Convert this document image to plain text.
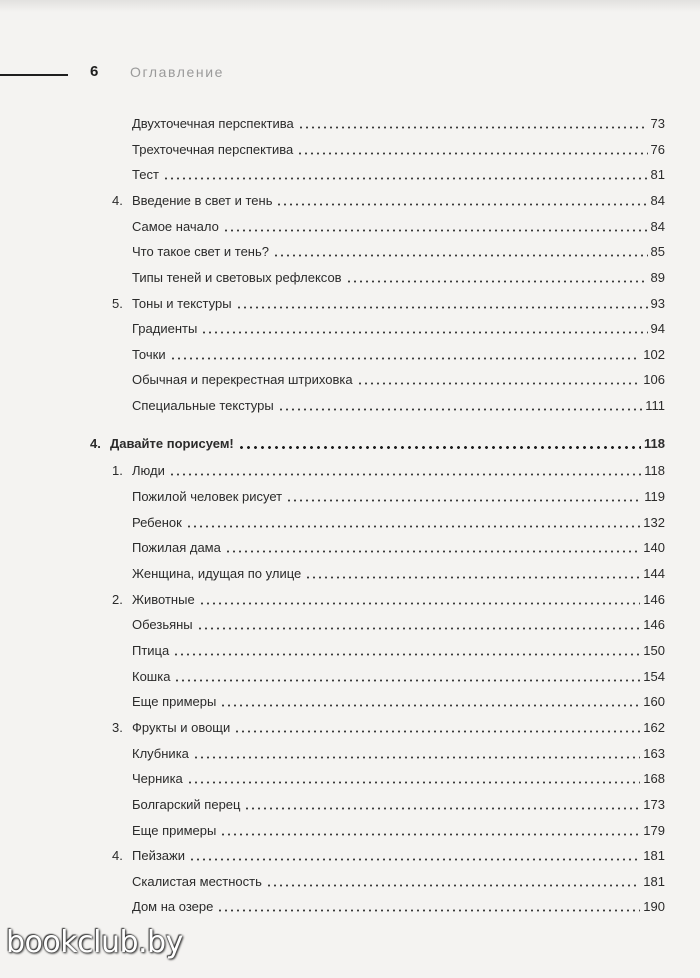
6 Оглавление
Двухточечная перспектива	73
Трехточечная перспектива	76
Тест	81
4. Введение в свет и тень	84
Самое начало	84
Что такое свет и тень?	85
Типы теней и световых рефлексов	89
5. Тоны и текстуры	93
Градиенты	94
Точки	102
Обычная и перекрестная штриховка	106
Специальные текстуры	111
4. Давайте порисуем!	118
1. Люди	118
Пожилой человек рисует	119
Ребенок	132
Пожилая дама	140
Женщина, идущая по улице	144
2. Животные	146
Обезьяны	146
Птица	150
Кошка	154
Еще примеры	160
3. Фрукты и овощи	162
Клубника	163
Черника	168
Болгарский перец	173
Еще примеры	179
4. Пейзажи	181
Скалистая местность	181
Дом на озере	190
bookclub.by
